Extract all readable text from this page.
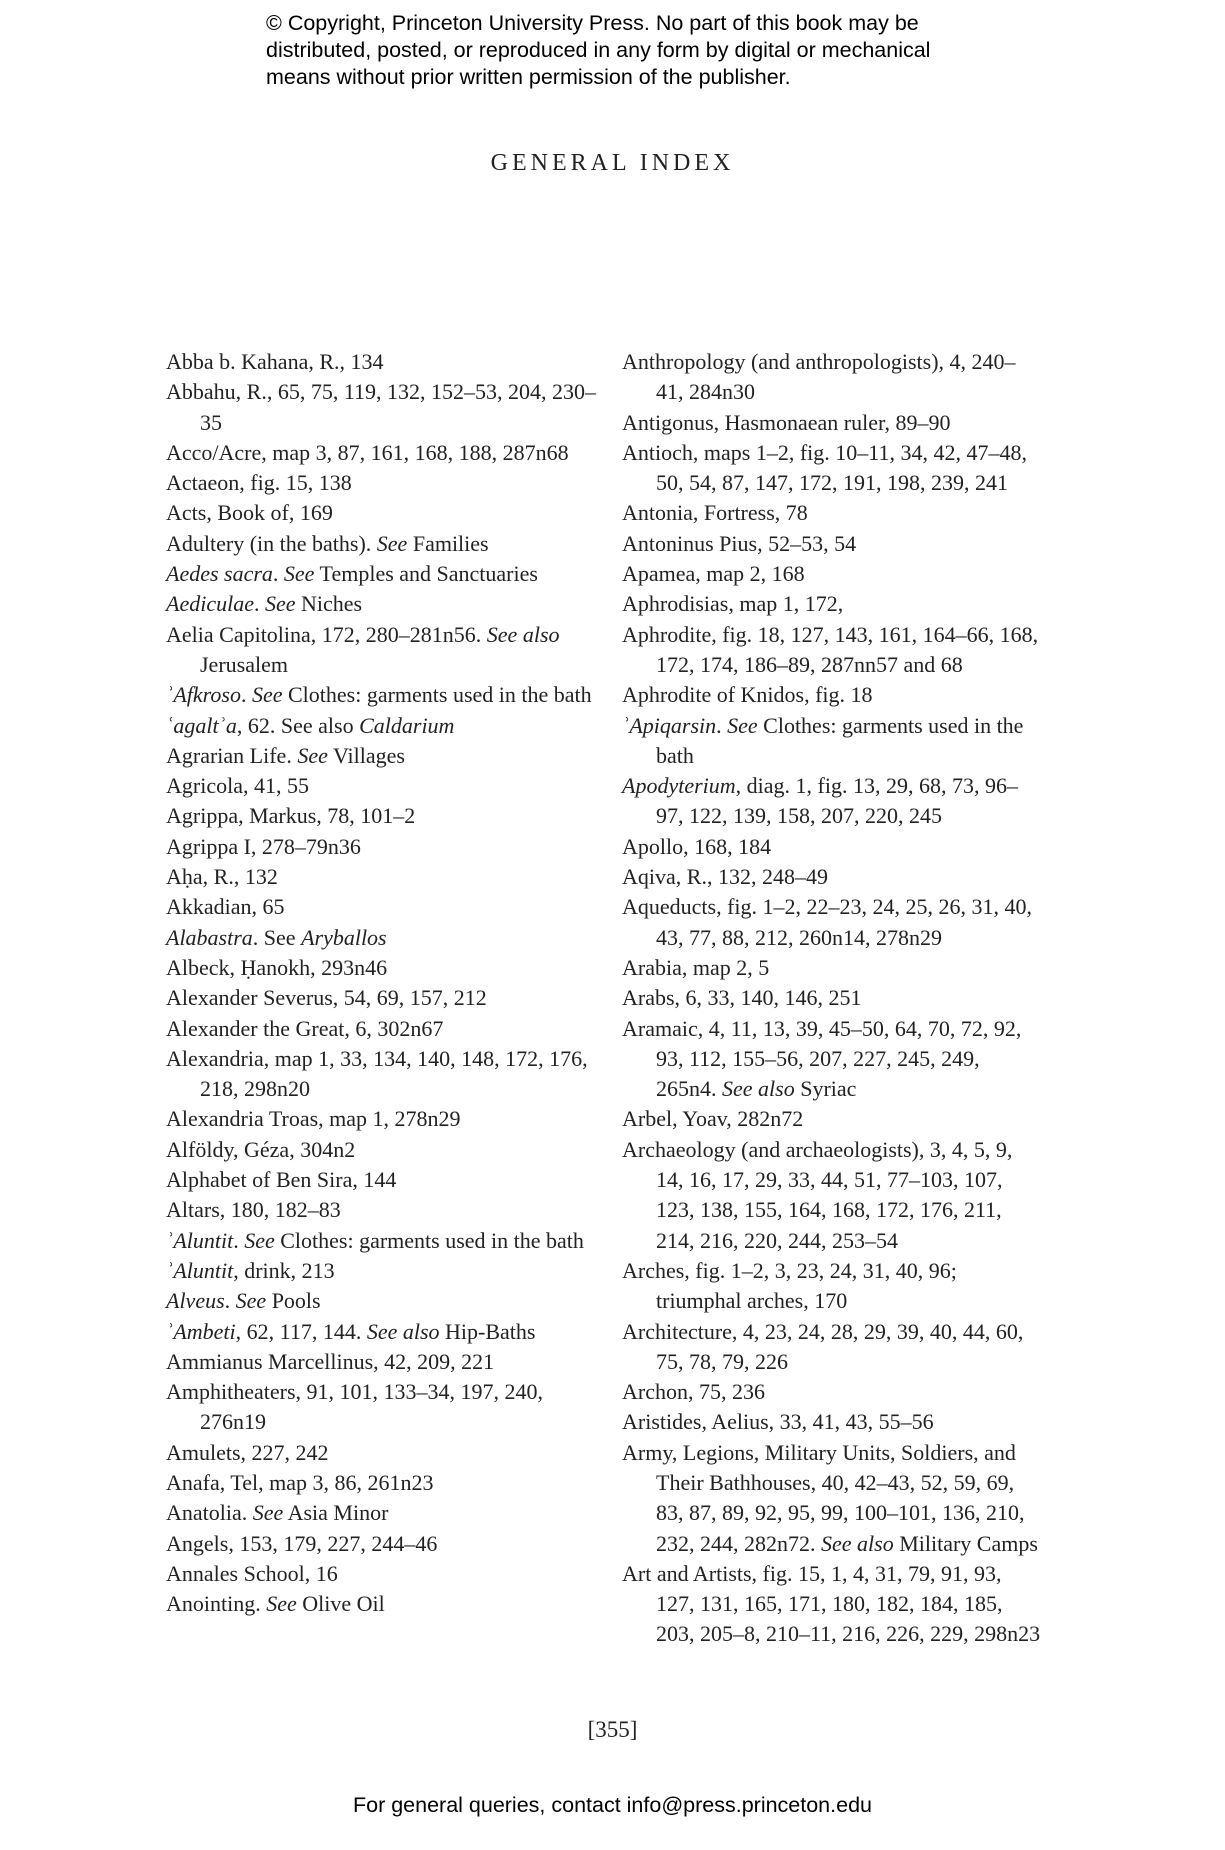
© Copyright, Princeton University Press. No part of this book may be
distributed, posted, or reproduced in any form by digital or mechanical
means without prior written permission of the publisher.
GENERAL INDEX
Abba b. Kahana, R., 134
Abbahu, R., 65, 75, 119, 132, 152–53, 204, 230–35
Acco/Acre, map 3, 87, 161, 168, 188, 287n68
Actaeon, fig. 15, 138
Acts, Book of, 169
Adultery (in the baths). See Families
Aedes sacra. See Temples and Sanctuaries
Aediculae. See Niches
Aelia Capitolina, 172, 280–281n56. See also Jerusalem
ʾAfkroso. See Clothes: garments used in the bath
ʿagaltʾa, 62. See also Caldarium
Agrarian Life. See Villages
Agricola, 41, 55
Agrippa, Markus, 78, 101–2
Agrippa I, 278–79n36
Aḥa, R., 132
Akkadian, 65
Alabastra. See Aryballos
Albeck, Ḥanokh, 293n46
Alexander Severus, 54, 69, 157, 212
Alexander the Great, 6, 302n67
Alexandria, map 1, 33, 134, 140, 148, 172, 176, 218, 298n20
Alexandria Troas, map 1, 278n29
Alföldy, Géza, 304n2
Alphabet of Ben Sira, 144
Altars, 180, 182–83
ʾAluntit. See Clothes: garments used in the bath
ʾAluntit, drink, 213
Alveus. See Pools
ʾAmbeti, 62, 117, 144. See also Hip-Baths
Ammianus Marcellinus, 42, 209, 221
Amphitheaters, 91, 101, 133–34, 197, 240, 276n19
Amulets, 227, 242
Anafa, Tel, map 3, 86, 261n23
Anatolia. See Asia Minor
Angels, 153, 179, 227, 244–46
Annales School, 16
Anointing. See Olive Oil
Anthropology (and anthropologists), 4, 240–41, 284n30
Antigonus, Hasmonaean ruler, 89–90
Antioch, maps 1–2, fig. 10–11, 34, 42, 47–48, 50, 54, 87, 147, 172, 191, 198, 239, 241
Antonia, Fortress, 78
Antoninus Pius, 52–53, 54
Apamea, map 2, 168
Aphrodisias, map 1, 172,
Aphrodite, fig. 18, 127, 143, 161, 164–66, 168, 172, 174, 186–89, 287nn57 and 68
Aphrodite of Knidos, fig. 18
ʾApiqarsin. See Clothes: garments used in the bath
Apodyterium, diag. 1, fig. 13, 29, 68, 73, 96–97, 122, 139, 158, 207, 220, 245
Apollo, 168, 184
Aqiva, R., 132, 248–49
Aqueducts, fig. 1–2, 22–23, 24, 25, 26, 31, 40, 43, 77, 88, 212, 260n14, 278n29
Arabia, map 2, 5
Arabs, 6, 33, 140, 146, 251
Aramaic, 4, 11, 13, 39, 45–50, 64, 70, 72, 92, 93, 112, 155–56, 207, 227, 245, 249, 265n4. See also Syriac
Arbel, Yoav, 282n72
Archaeology (and archaeologists), 3, 4, 5, 9, 14, 16, 17, 29, 33, 44, 51, 77–103, 107, 123, 138, 155, 164, 168, 172, 176, 211, 214, 216, 220, 244, 253–54
Arches, fig. 1–2, 3, 23, 24, 31, 40, 96; triumphal arches, 170
Architecture, 4, 23, 24, 28, 29, 39, 40, 44, 60, 75, 78, 79, 226
Archon, 75, 236
Aristides, Aelius, 33, 41, 43, 55–56
Army, Legions, Military Units, Soldiers, and Their Bathhouses, 40, 42–43, 52, 59, 69, 83, 87, 89, 92, 95, 99, 100–101, 136, 210, 232, 244, 282n72. See also Military Camps
Art and Artists, fig. 15, 1, 4, 31, 79, 91, 93, 127, 131, 165, 171, 180, 182, 184, 185, 203, 205–8, 210–11, 216, 226, 229, 298n23
[355]
For general queries, contact info@press.princeton.edu
